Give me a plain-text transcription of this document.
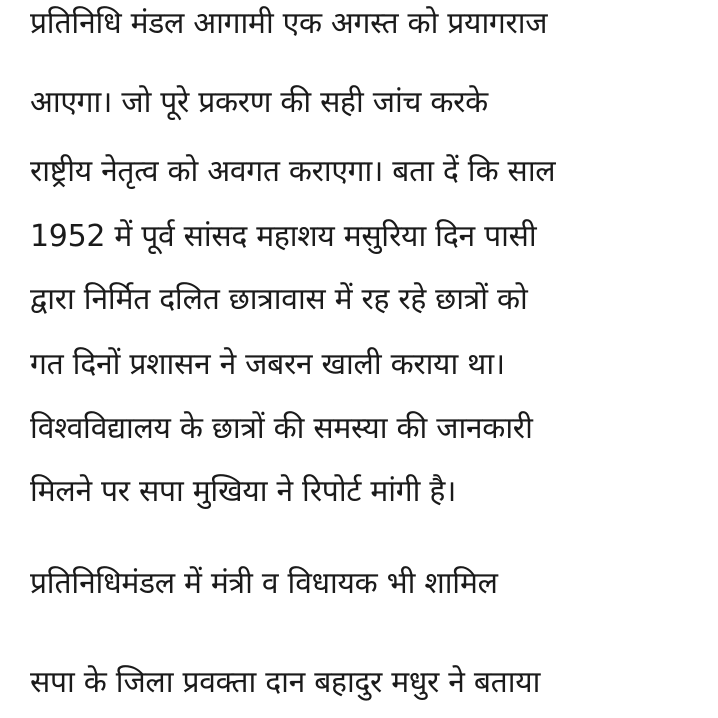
प्रतिनिधि मंडल आगामी एक अगस्त को प्रयागराज
आएगा। जो पूरे प्रकरण की सही जांच करके
राष्ट्रीय नेतृत्व को अवगत कराएगा। बता दें कि साल
1952 में पूर्व सांसद महाशय मसुरिया दिन पासी
द्वारा निर्मित दलित छात्रावास में रह रहे छात्रों को
गत दिनों प्रशासन ने जबरन खाली कराया था।
विश्वविद्यालय के छात्रों की समस्या की जानकारी
मिलने पर सपा मुखिया ने रिपोर्ट मांगी है।
प्रतिनिधिमंडल में मंत्री व विधायक भी शामिल
सपा के जिला प्रवक्ता दान बहादुर मधुर ने बताया
